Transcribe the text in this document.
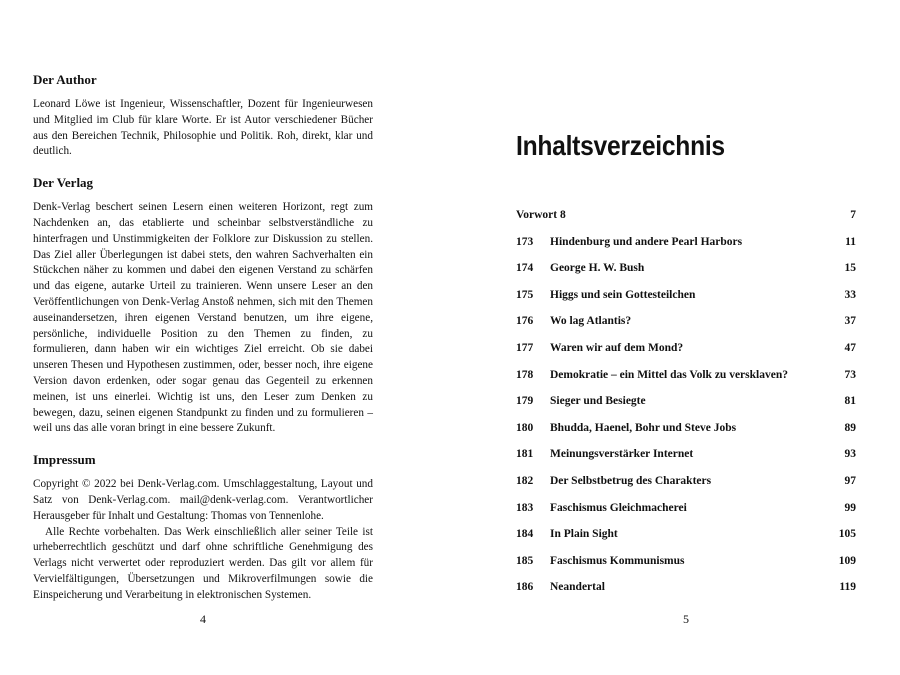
Der Author

Leonard Löwe ist Ingenieur, Wissenschaftler, Dozent für Ingenieurwesen und Mitglied im Club für klare Worte. Er ist Autor verschiedener Bücher aus den Bereichen Technik, Philosophie und Politik. Roh, direkt, klar und deutlich.

Der Verlag

Denk-Verlag beschert seinen Lesern einen weiteren Horizont, regt zum Nachdenken an, das etablierte und scheinbar selbstverständliche zu hinterfragen und Unstimmigkeiten der Folklore zur Diskussion zu stellen. Das Ziel aller Überlegungen ist dabei stets, den wahren Sachverhalten ein Stückchen näher zu kommen und dabei den eigenen Verstand zu schärfen und das eigene, autarke Urteil zu trainieren. Wenn unsere Leser an den Veröffentlichungen von Denk-Verlag Anstoß nehmen, sich mit den Themen auseinandersetzen, ihren eigenen Verstand benutzen, um ihre eigene, persönliche, individuelle Position zu den Themen zu finden, zu formulieren, dann haben wir ein wichtiges Ziel erreicht. Ob sie dabei unseren Thesen und Hypothesen zustimmen, oder, besser noch, ihre eigene Version davon erdenken, oder sogar genau das Gegenteil zu erkennen meinen, ist uns einerlei. Wichtig ist uns, den Leser zum Denken zu bewegen, dazu, seinen eigenen Standpunkt zu finden und zu formulieren – weil uns das alle voran bringt in eine bessere Zukunft.

Impressum

Copyright © 2022 bei Denk-Verlag.com. Umschlaggestaltung, Layout und Satz von Denk-Verlag.com. mail@denk-verlag.com. Verantwortlicher Herausgeber für Inhalt und Gestaltung: Thomas von Tennenlohe.

Alle Rechte vorbehalten. Das Werk einschließlich aller seiner Teile ist urheberrechtlich geschützt und darf ohne schriftliche Genehmigung des Verlags nicht verwertet oder reproduziert werden. Das gilt vor allem für Vervielfältigungen, Übersetzungen und Mikroverfilmungen sowie die Einspeicherung und Verarbeitung in elektronischen Systemen.

4
Inhaltsverzeichnis
Vorwort 8	7
173	Hindenburg und andere Pearl Harbors	11
174	George H. W. Bush	15
175	Higgs und sein Gottesteilchen	33
176	Wo lag Atlantis?	37
177	Waren wir auf dem Mond?	47
178	Demokratie – ein Mittel das Volk zu versklaven?	73
179	Sieger und Besiegte	81
180	Bhudda, Haenel, Bohr und Steve Jobs	89
181	Meinungsverstärker Internet	93
182	Der Selbstbetrug des Charakters	97
183	Faschismus Gleichmacherei	99
184	In Plain Sight	105
185	Faschismus Kommunismus	109
186	Neandertal	119
5
